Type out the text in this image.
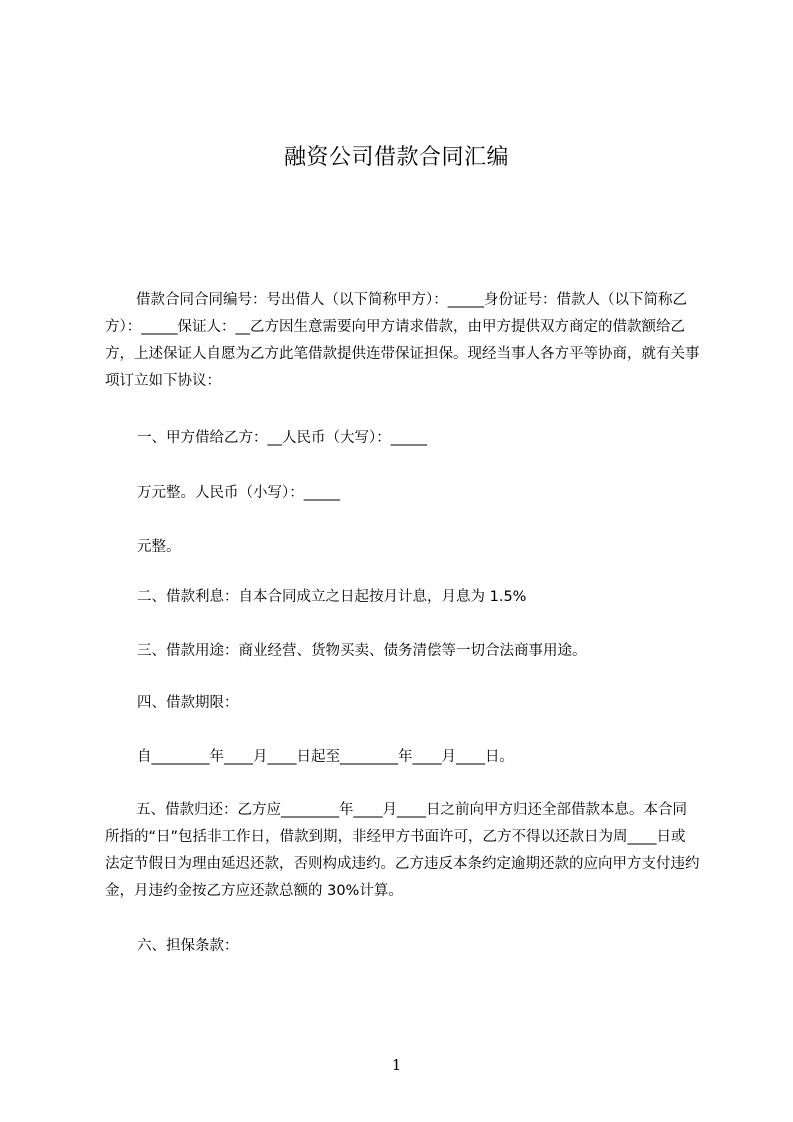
融资公司借款合同汇编

借款合同合同编号：号出借人（以下简称甲方）：_____身份证号：借款人（以下简称乙方）：_____保证人：__乙方因生意需要向甲方请求借款，由甲方提供双方商定的借款额给乙方，上述保证人自愿为乙方此笔借款提供连带保证担保。现经当事人各方平等协商，就有关事项订立如下协议：

一、甲方借给乙方：__人民币（大写）：_____

万元整。人民币（小写）：_____

元整。

二、借款利息：自本合同成立之日起按月计息，月息为 1.5%

三、借款用途：商业经营、货物买卖、债务清偿等一切合法商事用途。

四、借款期限：

自________年____月____日起至________年____月____日。

五、借款归还：乙方应________年____月____日之前向甲方归还全部借款本息。本合同所指的“日”包括非工作日，借款到期，非经甲方书面许可，乙方不得以还款日为周____日或法定节假日为理由延迟还款，否则构成违约。乙方违反本条约定逾期还款的应向甲方支付违约金，月违约金按乙方应还款总额的 30%计算。

六、担保条款：

1
